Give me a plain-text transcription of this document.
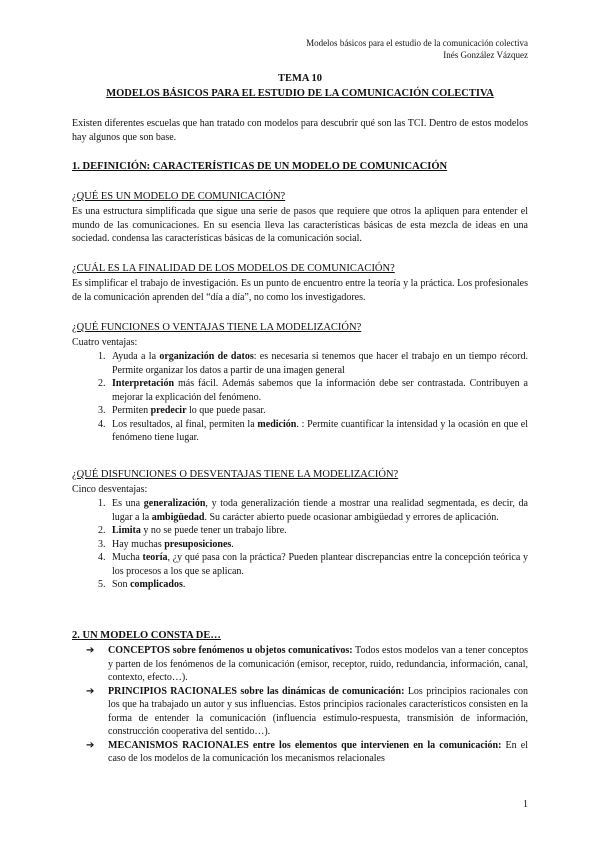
Modelos básicos para el estudio de la comunicación colectiva
Inés González Vázquez
TEMA 10
MODELOS BÁSICOS PARA EL ESTUDIO DE LA COMUNICACIÓN COLECTIVA
Existen diferentes escuelas que han tratado con modelos para descubrir qué son las TCI. Dentro de estos modelos hay algunos que son base.
1. DEFINICIÓN: CARACTERÍSTICAS DE UN MODELO DE COMUNICACIÓN
¿QUÉ ES UN MODELO DE COMUNICACIÓN?
Es una estructura simplificada que sigue una serie de pasos que requiere que otros la apliquen para entender el mundo de las comunicaciones. En su esencia lleva las características básicas de esta mezcla de ideas en una sociedad. condensa las características básicas de la comunicación social.
¿CUÁL ES LA FINALIDAD DE LOS MODELOS DE COMUNICACIÓN?
Es simplificar el trabajo de investigación. Es un punto de encuentro entre la teoría y la práctica. Los profesionales de la comunicación aprenden del “día a día”, no como los investigadores.
¿QUÉ FUNCIONES O VENTAJAS TIENE LA MODELIZACIÓN?
Cuatro ventajas:
1. Ayuda a la organización de datos: es necesaria si tenemos que hacer el trabajo en un tiempo récord. Permite organizar los datos a partir de una imagen general
2. Interpretación más fácil. Además sabemos que la información debe ser contrastada. Contribuyen a mejorar la explicación del fenómeno.
3. Permiten predecir lo que puede pasar.
4. Los resultados, al final, permiten la medición. : Permite cuantificar la intensidad y la ocasión en que el fenómeno tiene lugar.
¿QUÉ DISFUNCIONES O DESVENTAJAS TIENE LA MODELIZACIÓN?
Cinco desventajas:
1. Es una generalización, y toda generalización tiende a mostrar una realidad segmentada, es decir, da lugar a la ambigüedad. Su carácter abierto puede ocasionar ambigüedad y errores de aplicación.
2. Limita y no se puede tener un trabajo libre.
3. Hay muchas presuposiciones.
4. Mucha teoría, ¿y qué pasa con la práctica? Pueden plantear discrepancias entre la concepción teórica y los procesos a los que se aplican.
5. Son complicados.
2. UN MODELO CONSTA DE…
➔ CONCEPTOS sobre fenómenos u objetos comunicativos: Todos estos modelos van a tener conceptos y parten de los fenómenos de la comunicación (emisor, receptor, ruido, redundancia, información, canal, contexto, efecto…).
➔ PRINCIPIOS RACIONALES sobre las dinámicas de comunicación: Los principios racionales con los que ha trabajado un autor y sus influencias. Estos principios racionales característicos consisten en la forma de entender la comunicación (influencia estímulo-respuesta, transmisión de información, construcción cooperativa del sentido…).
➔ MECANISMOS RACIONALES entre los elementos que intervienen en la comunicación: En el caso de los modelos de la comunicación los mecanismos relacionales
1
